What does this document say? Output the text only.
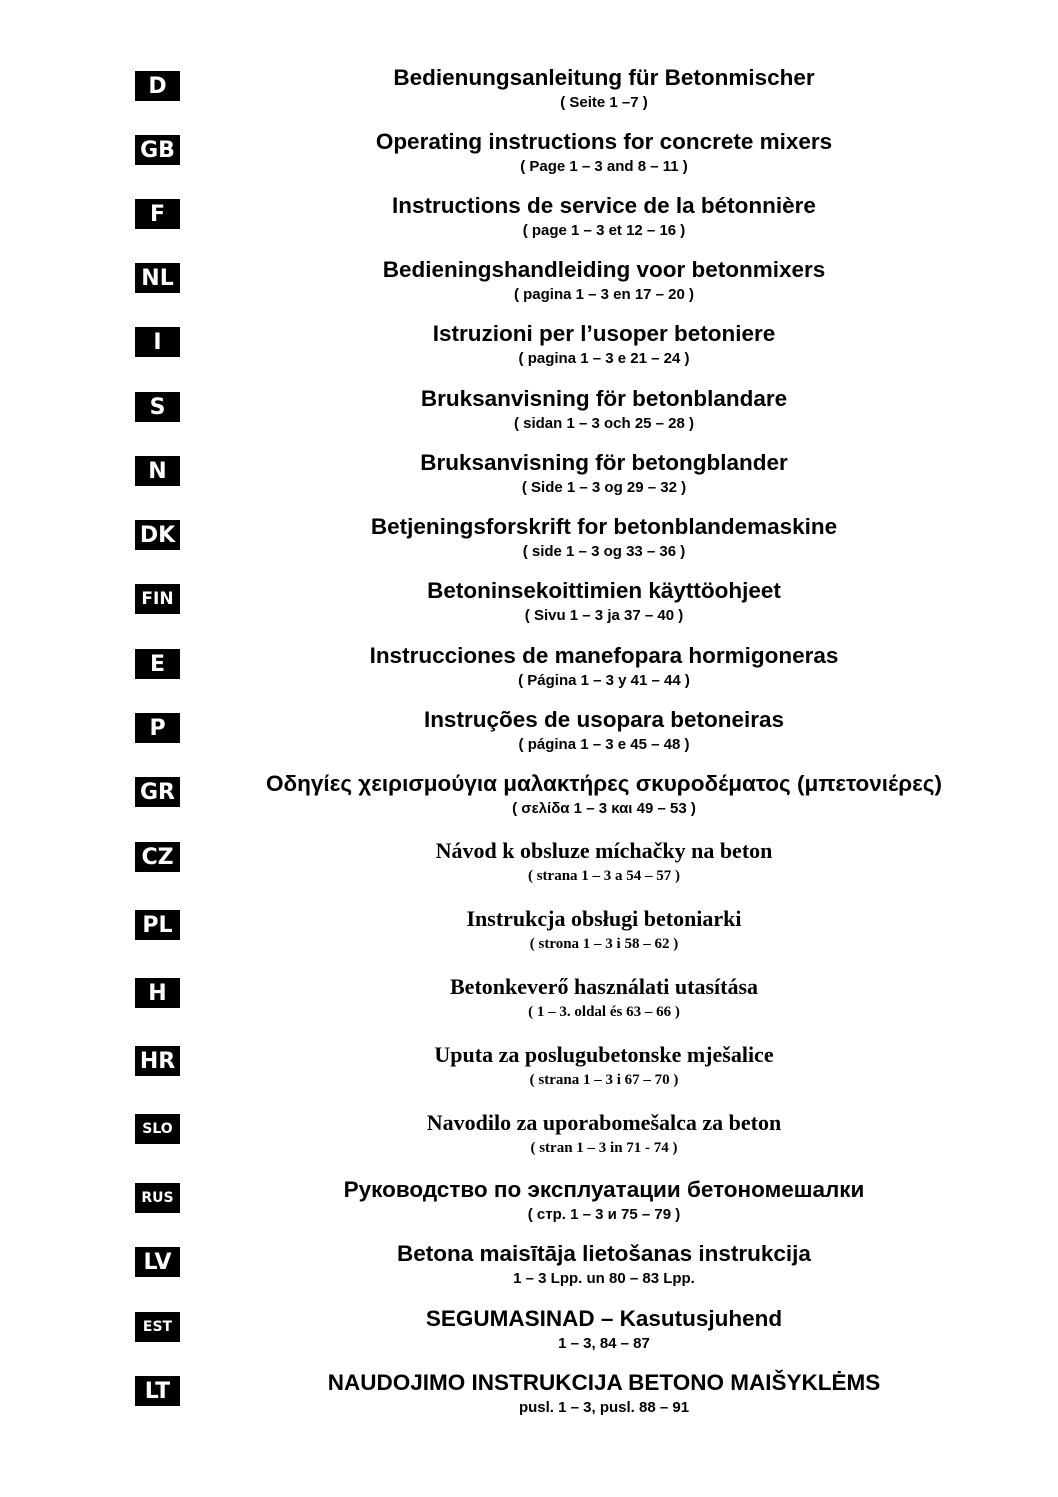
D	Bedienungsanleitung für Betonmischer
( Seite 1 –7 )
GB	Operating instructions for concrete mixers
( Page 1 – 3 and 8 – 11 )
F	Instructions de service de la bétonnière
( page 1 – 3 et 12 – 16 )
NL	Bedieningshandleiding voor betonmixers
( pagina 1 – 3 en 17 – 20 )
I	Istruzioni per l’usoper betoniere
( pagina 1 – 3 e 21 – 24 )
S	Bruksanvisning för betonblandare
( sidan 1 – 3 och 25 – 28 )
N	Bruksanvisning för betongblander
( Side 1 – 3 og 29 – 32 )
DK	Betjeningsforskrift for betonblandemaskine
( side 1 – 3 og 33 – 36 )
FIN	Betoninsekoittimien käyttöohjeet
( Sivu 1 – 3 ja 37 – 40 )
E	Instrucciones de manefopara hormigoneras
( Página 1 – 3 y 41 – 44 )
P	Instruções de usopara betoneiras
( página 1 – 3 e 45 – 48 )
GR	Οδηγίες χειρισμούγια μαλακτήρες σκυροδέματος (μπετονιέρες)
( σελίδα 1 – 3 και 49 – 53 )
CZ	Návod k obsluze míchačky na beton
( strana 1 – 3 a 54 – 57 )
PL	Instrukcja obsługi betoniarki
( strona 1 – 3 i 58 – 62 )
H	Betonkeverő használati utasítása
( 1 – 3. oldal és 63 – 66 )
HR	Uputa za poslugubetonske mješalice
( strana 1 – 3 i 67 – 70 )
SLO	Navodilo za uporabomešalca za beton
( stran 1 – 3 in 71 - 74 )
RUS	Руководство по эксплуатации бетономешалки
( стр. 1 – 3 и 75 – 79 )
LV	Betona maisītāja lietošanas instrukcija
1 – 3 Lpp. un 80 – 83 Lpp.
EST	SEGUMASINAD – Kasutusjuhend
1 – 3, 84 – 87
LT	NAUDOJIMO INSTRUKCIJA BETONO MAIŠYKLĖMS
pusl. 1 – 3, pusl. 88 – 91
